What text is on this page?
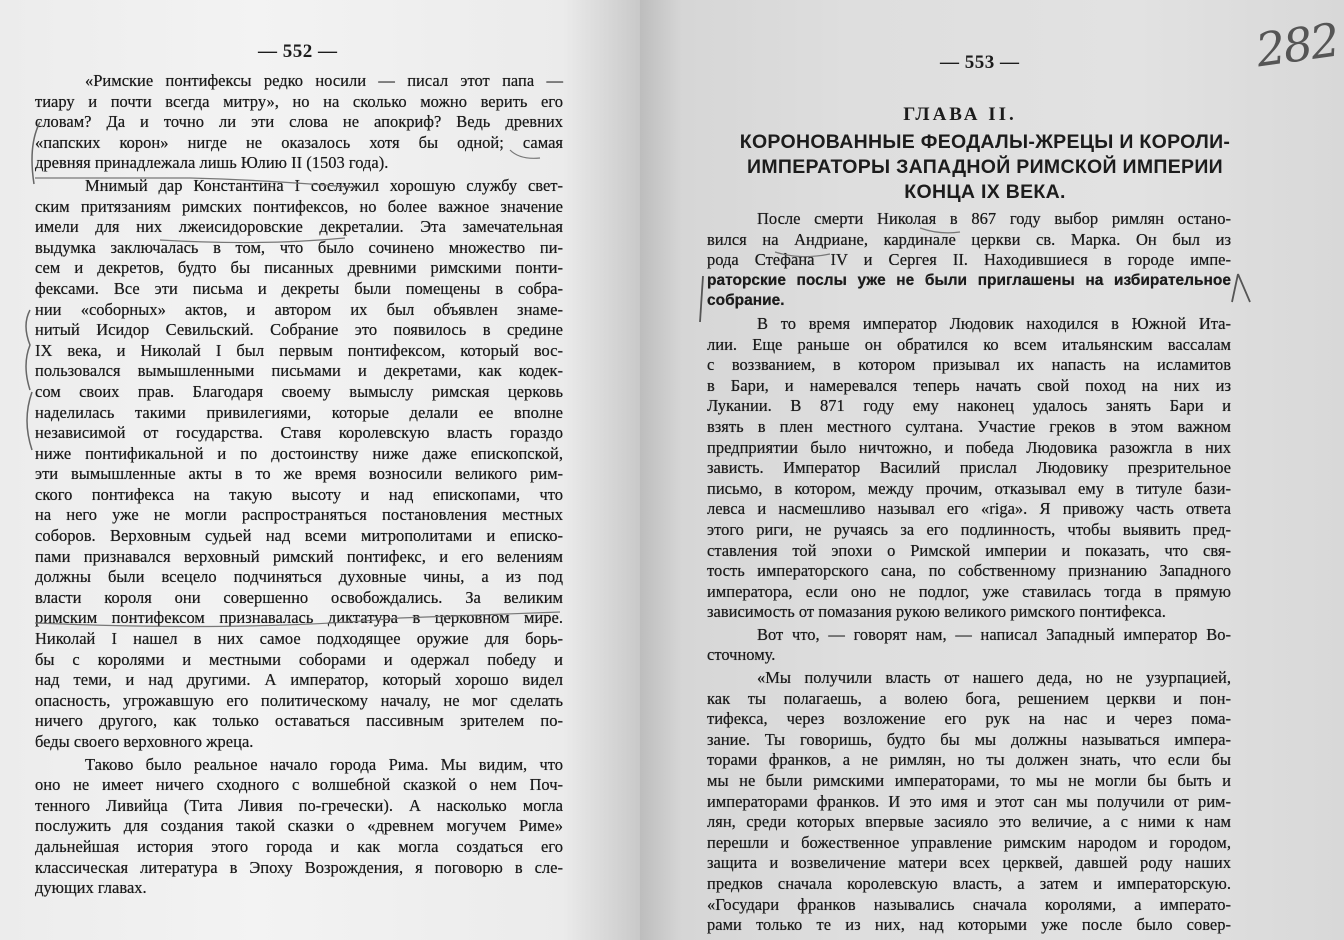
— 552 —
«Римские понтифексы редко носили — писал этот папа —
тиару и почти всегда митру», но на сколько можно верить его
словам? Да и точно ли эти слова не апокриф? Ведь древних
«папских корон» нигде не оказалось хотя бы одной; самая
древняя принадлежала лишь Юлию II (1503 года).
Мнимый дар Константина I сослужил хорошую службу свет-
ским притязаниям римских понтифексов, но более важное значение
имели для них лжеисидоровские декреталии. Эта замечательная
выдумка заключалась в том, что было сочинено множество пи-
сем и декретов, будто бы писанных древними римскими понти-
фексами. Все эти письма и декреты были помещены в собра-
нии «соборных» актов, и автором их был объявлен знаме-
нитый Исидор Севильский. Собрание это появилось в средине
IX века, и Николай I был первым понтифексом, который вос-
пользовался вымышленными письмами и декретами, как кодек-
сом своих прав. Благодаря своему вымыслу римская церковь
наделилась такими привилегиями, которые делали ее вполне
независимой от государства. Ставя королевскую власть гораздо
ниже понтификальной и по достоинству ниже даже епископской,
эти вымышленные акты в то же время возносили великого рим-
ского понтифекса на такую высоту и над епископами, что
на него уже не могли распространяться постановления местных
соборов. Верховным судьей над всеми митрополитами и еписко-
пами признавался верховный римский понтифекс, и его велениям
должны были всецело подчиняться духовные чины, а из под
власти короля они совершенно освобождались. За великим
римским понтифексом признавалась диктатура в церковном мире.
Николай I нашел в них самое подходящее оружие для борь-
бы с королями и местными соборами и одержал победу и
над теми, и над другими. А император, который хорошо видел
опасность, угрожавшую его политическому началу, не мог сделать
ничего другого, как только оставаться пассивным зрителем по-
беды своего верховного жреца.
Таково было реальное начало города Рима. Мы видим, что
оно не имеет ничего сходного с волшебной сказкой о нем Поч-
тенного Ливийца (Тита Ливия по-гречески). А насколько могла
послужить для создания такой сказки о «древнем могучем Риме»
дальнейшая история этого города и как могла создаться его
классическая литература в Эпоху Возрождения, я поговорю в сле-
дующих главах.
— 553 —	282
После смерти Николая в 867 году выбор римлян остано-
вился на Андриане, кардинале церкви св. Марка. Он был из
рода Стефана IV и Сергея II. Находившиеся в городе импе-
раторские послы уже не были приглашены на избирательное
собрание.
В то время император Людовик находился в Южной Ита-
лии. Еще раньше он обратился ко всем итальянским вассалам
с воззванием, в котором призывал их напасть на исламитов
в Бари, и намеревался теперь начать свой поход на них из
Лукании. В 871 году ему наконец удалось занять Бари и
взять в плен местного султана. Участие греков в этом важном
предприятии было ничтожно, и победа Людовика разожгла в них
зависть. Император Василий прислал Людовику презрительное
письмо, в котором, между прочим, отказывал ему в титуле бази-
левса и насмешливо называл его «riga». Я привожу часть ответа
этого риги, не ручаясь за его подлинность, чтобы выявить пред-
ставления той эпохи о Римской империи и показать, что свя-
тость императорского сана, по собственному признанию Западного
императора, если оно не подлог, уже ставилась тогда в прямую
зависимость от помазания рукою великого римского понтифекса.
Вот что, — говорят нам, — написал Западный император Во-
сточному.
«Мы получили власть от нашего деда, но не узурпацией,
как ты полагаешь, а волею бога, решением церкви и пон-
тифекса, через возложение его рук на нас и через пома-
зание. Ты говоришь, будто бы мы должны называться импера-
торами франков, а не римлян, но ты должен знать, что если бы
мы не были римскими императорами, то мы не могли бы быть и
императорами франков. И это имя и этот сан мы получили от рим-
лян, среди которых впервые засияло это величие, а с ними к нам
перешли и божественное управление римским народом и городом,
защита и возвеличение матери всех церквей, давшей роду наших
предков сначала королевскую власть, а затем и императорскую.
«Государи франков назывались сначала королями, а императо-
рами только те из них, над которыми уже после было совер-
ГЛАВА II.
КОРОНОВАННЫЕ ФЕОДАЛЫ-ЖРЕЦЫ И КОРОЛИ-ИМПЕРАТОРЫ ЗАПАДНОЙ РИМСКОЙ ИМПЕРИИ КОНЦА IX ВЕКА.
